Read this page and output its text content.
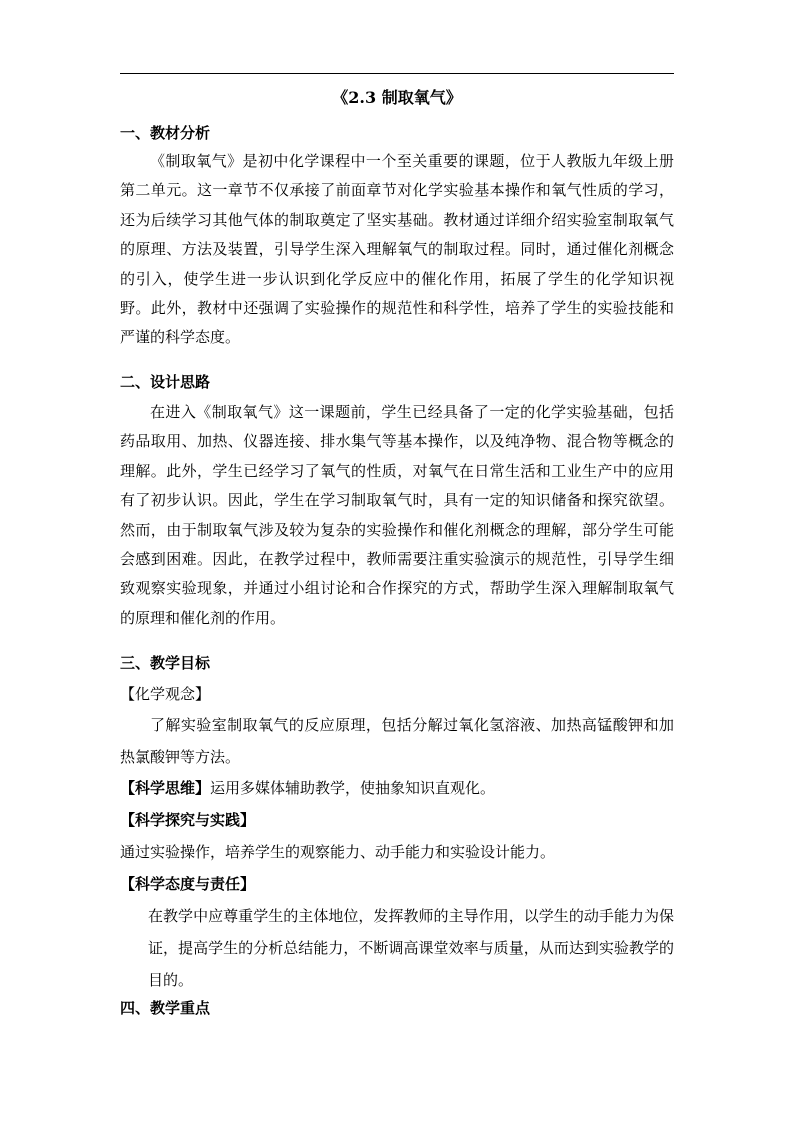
《2.3 制取氧气》
一、教材分析
《制取氧气》是初中化学课程中一个至关重要的课题，位于人教版九年级上册第二单元。这一章节不仅承接了前面章节对化学实验基本操作和氧气性质的学习，还为后续学习其他气体的制取奠定了坚实基础。教材通过详细介绍实验室制取氧气的原理、方法及装置，引导学生深入理解氧气的制取过程。同时，通过催化剂概念的引入，使学生进一步认识到化学反应中的催化作用，拓展了学生的化学知识视野。此外，教材中还强调了实验操作的规范性和科学性，培养了学生的实验技能和严谨的科学态度。
二、设计思路
在进入《制取氧气》这一课题前，学生已经具备了一定的化学实验基础，包括药品取用、加热、仪器连接、排水集气等基本操作，以及纯净物、混合物等概念的理解。此外，学生已经学习了氧气的性质，对氧气在日常生活和工业生产中的应用有了初步认识。因此，学生在学习制取氧气时，具有一定的知识储备和探究欲望。然而，由于制取氧气涉及较为复杂的实验操作和催化剂概念的理解，部分学生可能会感到困难。因此，在教学过程中，教师需要注重实验演示的规范性，引导学生细致观察实验现象，并通过小组讨论和合作探究的方式，帮助学生深入理解制取氧气的原理和催化剂的作用。
三、教学目标
【化学观念】
了解实验室制取氧气的反应原理，包括分解过氧化氢溶液、加热高锰酸钾和加热氯酸钾等方法。
【科学思维】运用多媒体辅助教学，使抽象知识直观化。
【科学探究与实践】
通过实验操作，培养学生的观察能力、动手能力和实验设计能力。
【科学态度与责任】
在教学中应尊重学生的主体地位，发挥教师的主导作用，以学生的动手能力为保证，提高学生的分析总结能力，不断调高课堂效率与质量，从而达到实验教学的目的。
四、教学重点
